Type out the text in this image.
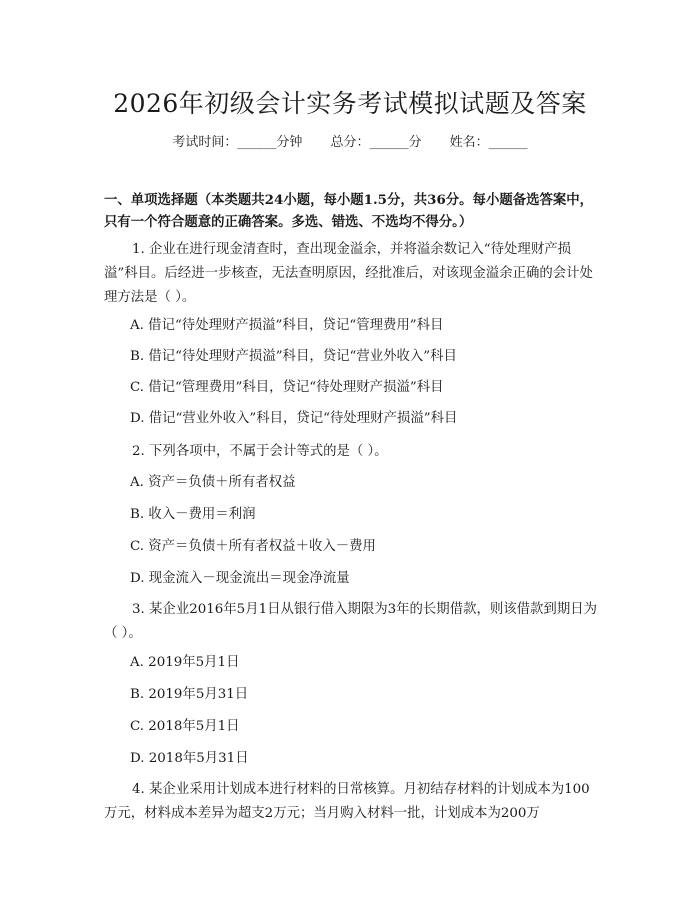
2026年初级会计实务考试模拟试题及答案
考试时间：______分钟 总分：______分 姓名：______
一、单项选择题（本类题共24小题，每小题1.5分，共36分。每小题备选答案中，只有一个符合题意的正确答案。多选、错选、不选均不得分。）
1. 企业在进行现金清查时，查出现金溢余，并将溢余数记入“待处理财产损溢”科目。后经进一步核查，无法查明原因，经批准后，对该现金溢余正确的会计处理方法是（ ）。
A. 借记“待处理财产损溢”科目，贷记“管理费用”科目
B. 借记“待处理财产损溢”科目，贷记“营业外收入”科目
C. 借记“管理费用”科目，贷记“待处理财产损溢”科目
D. 借记“营业外收入”科目，贷记“待处理财产损溢”科目
2. 下列各项中，不属于会计等式的是（ ）。
A. 资产＝负债＋所有者权益
B. 收入－费用＝利润
C. 资产＝负债＋所有者权益＋收入－费用
D. 现金流入－现金流出＝现金净流量
3. 某企业2016年5月1日从银行借入期限为3年的长期借款，则该借款到期日为（ ）。
A. 2019年5月1日
B. 2019年5月31日
C. 2018年5月1日
D. 2018年5月31日
4. 某企业采用计划成本进行材料的日常核算。月初结存材料的计划成本为100万元，材料成本差异为超支2万元；当月购入材料一批，计划成本为200万
